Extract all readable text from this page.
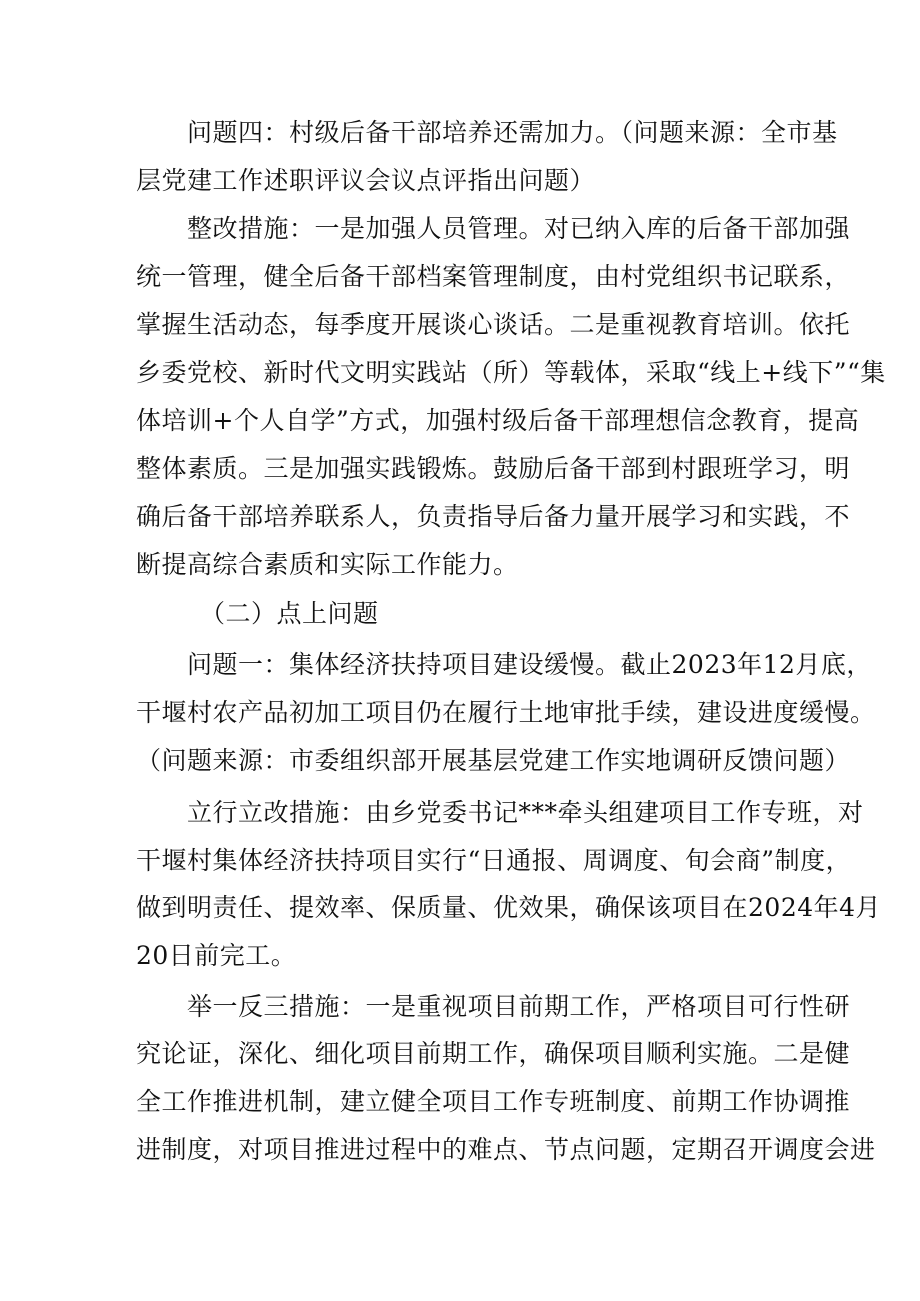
　　问题四：村级后备干部培养还需加力。（问题来源：全市基
层党建工作述职评议会议点评指出问题）
　　整改措施：一是加强人员管理。对已纳入库的后备干部加强
统一管理，健全后备干部档案管理制度，由村党组织书记联系，
掌握生活动态，每季度开展谈心谈话。二是重视教育培训。依托
乡委党校、新时代文明实践站（所）等载体，采取“线上+线下”“集
体培训+个人自学”方式，加强村级后备干部理想信念教育，提高
整体素质。三是加强实践锻炼。鼓励后备干部到村跟班学习，明
确后备干部培养联系人，负责指导后备力量开展学习和实践，不
断提高综合素质和实际工作能力。
　　　（二）点上问题
　　问题一：集体经济扶持项目建设缓慢。截止2023年12月底，
干堰村农产品初加工项目仍在履行土地审批手续，建设进度缓慢。
（问题来源：市委组织部开展基层党建工作实地调研反馈问题）
　　立行立改措施：由乡党委书记***牵头组建项目工作专班，对
干堰村集体经济扶持项目实行“日通报、周调度、旬会商”制度，
做到明责任、提效率、保质量、优效果，确保该项目在2024年4月
20日前完工。
　　举一反三措施：一是重视项目前期工作，严格项目可行性研
究论证，深化、细化项目前期工作，确保项目顺利实施。二是健
全工作推进机制，建立健全项目工作专班制度、前期工作协调推
进制度，对项目推进过程中的难点、节点问题，定期召开调度会进
